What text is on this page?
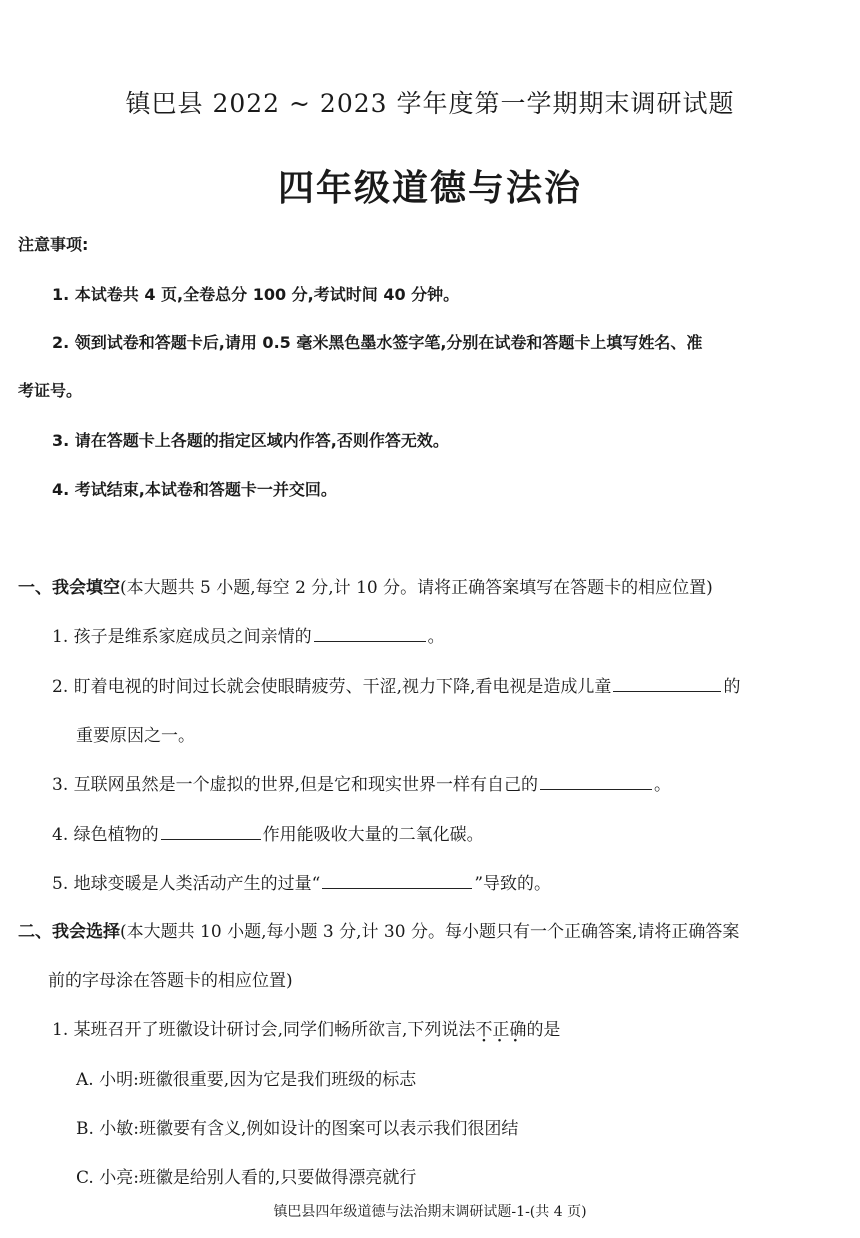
镇巴县 2022 ~ 2023 学年度第一学期期末调研试题
四年级道德与法治
注意事项:
1. 本试卷共 4 页,全卷总分 100 分,考试时间 40 分钟。
2. 领到试卷和答题卡后,请用 0.5 毫米黑色墨水签字笔,分别在试卷和答题卡上填写姓名、准
考证号。
3. 请在答题卡上各题的指定区域内作答,否则作答无效。
4. 考试结束,本试卷和答题卡一并交回。
一、我会填空(本大题共 5 小题,每空 2 分,计 10 分。请将正确答案填写在答题卡的相应位置)
1. 孩子是维系家庭成员之间亲情的	。
2. 盯着电视的时间过长就会使眼睛疲劳、干涩,视力下降,看电视是造成儿童	的
重要原因之一。
3. 互联网虽然是一个虚拟的世界,但是它和现实世界一样有自己的	。
4. 绿色植物的	作用能吸收大量的二氧化碳。
5. 地球变暖是人类活动产生的过量“	”导致的。
二、我会选择(本大题共 10 小题,每小题 3 分,计 30 分。每小题只有一个正确答案,请将正确答案
前的字母涂在答题卡的相应位置)
1. 某班召开了班徽设计研讨会,同学们畅所欲言,下列说法不正确 · · ·的是
A. 小明:班徽很重要,因为它是我们班级的标志
B. 小敏:班徽要有含义,例如设计的图案可以表示我们很团结
C. 小亮:班徽是给别人看的,只要做得漂亮就行
镇巴县四年级道德与法治期末调研试题-1-(共 4 页)
